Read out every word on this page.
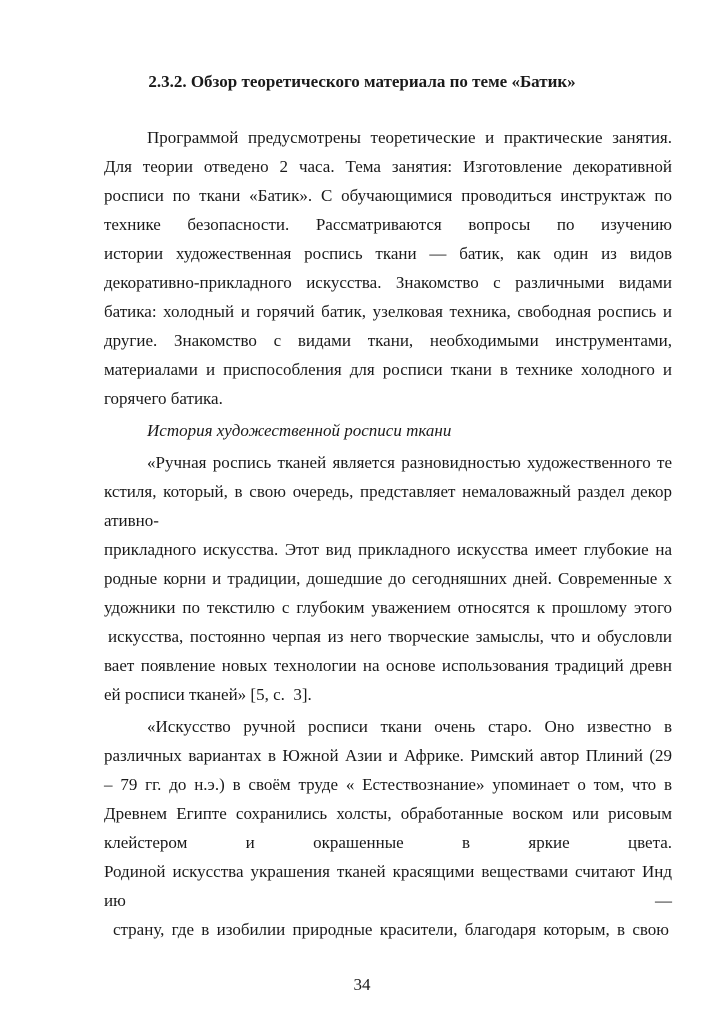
2.3.2. Обзор теоретического материала по теме «Батик»
Программой предусмотрены теоретические и практические занятия.
Для теории отведено 2 часа. Тема занятия: Изготовление декоративной
росписи по ткани «Батик». С обучающимися проводиться инструктаж по
технике безопасности. Рассматриваются вопросы по изучению
истории художественная роспись ткани — батик, как один из видов
декоративно-прикладного искусства. Знакомство с различными видами
батика: холодный и горячий батик, узелковая техника, свободная роспись и
другие. Знакомство с видами ткани, необходимыми инструментами,
материалами и приспособления для росписи ткани в технике холодного и
горячего батика.
История художественной росписи ткани
«Ручная роспись тканей является разновидностью художественного те
кстиля, который, в свою очередь, представляет немаловажный раздел декор
ативно-
прикладного искусства. Этот вид прикладного искусства имеет глубокие на
родные корни и традиции, дошедшие до сегодняшних дней. Современные х
удожники по текстилю с глубоким уважением относятся к прошлому этого
искусства, постоянно черпая из него творческие замыслы, что и обусловли
вает появление новых технологии на основе использования традиций древн
ей росписи тканей» [5, с.  3].
«Искусство ручной росписи ткани очень старо. Оно известно в
различных вариантах в Южной Азии и Африке. Римский автор Плиний (29
– 79 гг. до н.э.) в своём труде « Естествознание» упоминает о том, что в
Древнем Египте сохранились холсты, обработанные воском или рисовым
клейстером и окрашенные в яркие цвета.
Родиной искусства украшения тканей красящими веществами считают Инд
ию —
страну, где в изобилии природные красители, благодаря которым, в свою
34
